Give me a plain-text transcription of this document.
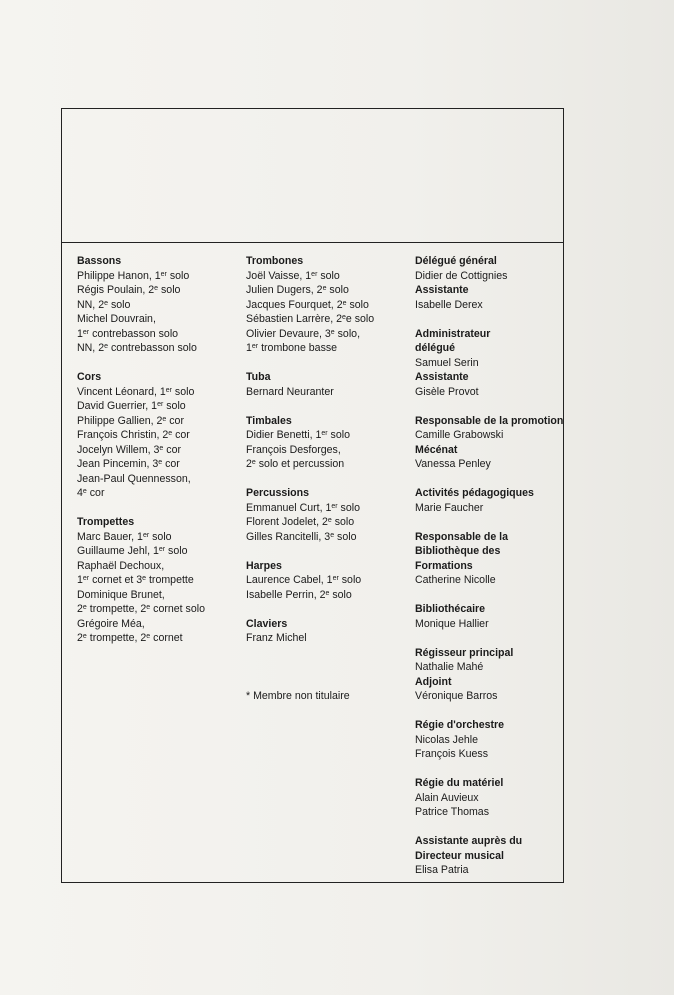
Bassons
Philippe Hanon, 1er solo
Régis Poulain, 2e solo
NN, 2e solo
Michel Douvrain,
1er contrebasson solo
NN, 2e contrebasson solo
Cors
Vincent Léonard, 1er solo
David Guerrier, 1er solo
Philippe Gallien, 2e cor
François Christin, 2e cor
Jocelyn Willem, 3e cor
Jean Pincemin, 3e cor
Jean-Paul Quennesson,
4e cor
Trompettes
Marc Bauer, 1er solo
Guillaume Jehl, 1er solo
Raphaël Dechoux,
1er cornet et 3e trompette
Dominique Brunet,
2e trompette, 2e cornet solo
Grégoire Méa,
2e trompette, 2e cornet
Trombones
Joël Vaisse, 1er solo
Julien Dugers, 2e solo
Jacques Fourquet, 2e solo
Sébastien Larrère, 2ee solo
Olivier Devaure, 3e solo,
1er trombone basse
Tuba
Bernard Neuranter
Timbales
Didier Benetti, 1er solo
François Desforges,
2e solo et percussion
Percussions
Emmanuel Curt, 1er solo
Florent Jodelet, 2e solo
Gilles Rancitelli, 3e solo
Harpes
Laurence Cabel, 1er solo
Isabelle Perrin, 2e solo
Claviers
Franz Michel

* Membre non titulaire
Délégué général
Didier de Cottignies
Assistante
Isabelle Derex
Administrateur
délégué
Samuel Serin
Assistante
Gisèle Provot
Responsable de la promotion
Camille Grabowski
Mécénat
Vanessa Penley
Activités pédagogiques
Marie Faucher
Responsable de la
Bibliothèque des
Formations
Catherine Nicolle
Bibliothécaire
Monique Hallier
Régisseur principal
Nathalie Mahé
Adjoint
Véronique Barros
Régie d'orchestre
Nicolas Jehle
François Kuess
Régie du matériel
Alain Auvieux
Patrice Thomas
Assistante auprès du
Directeur musical
Elisa Patria
